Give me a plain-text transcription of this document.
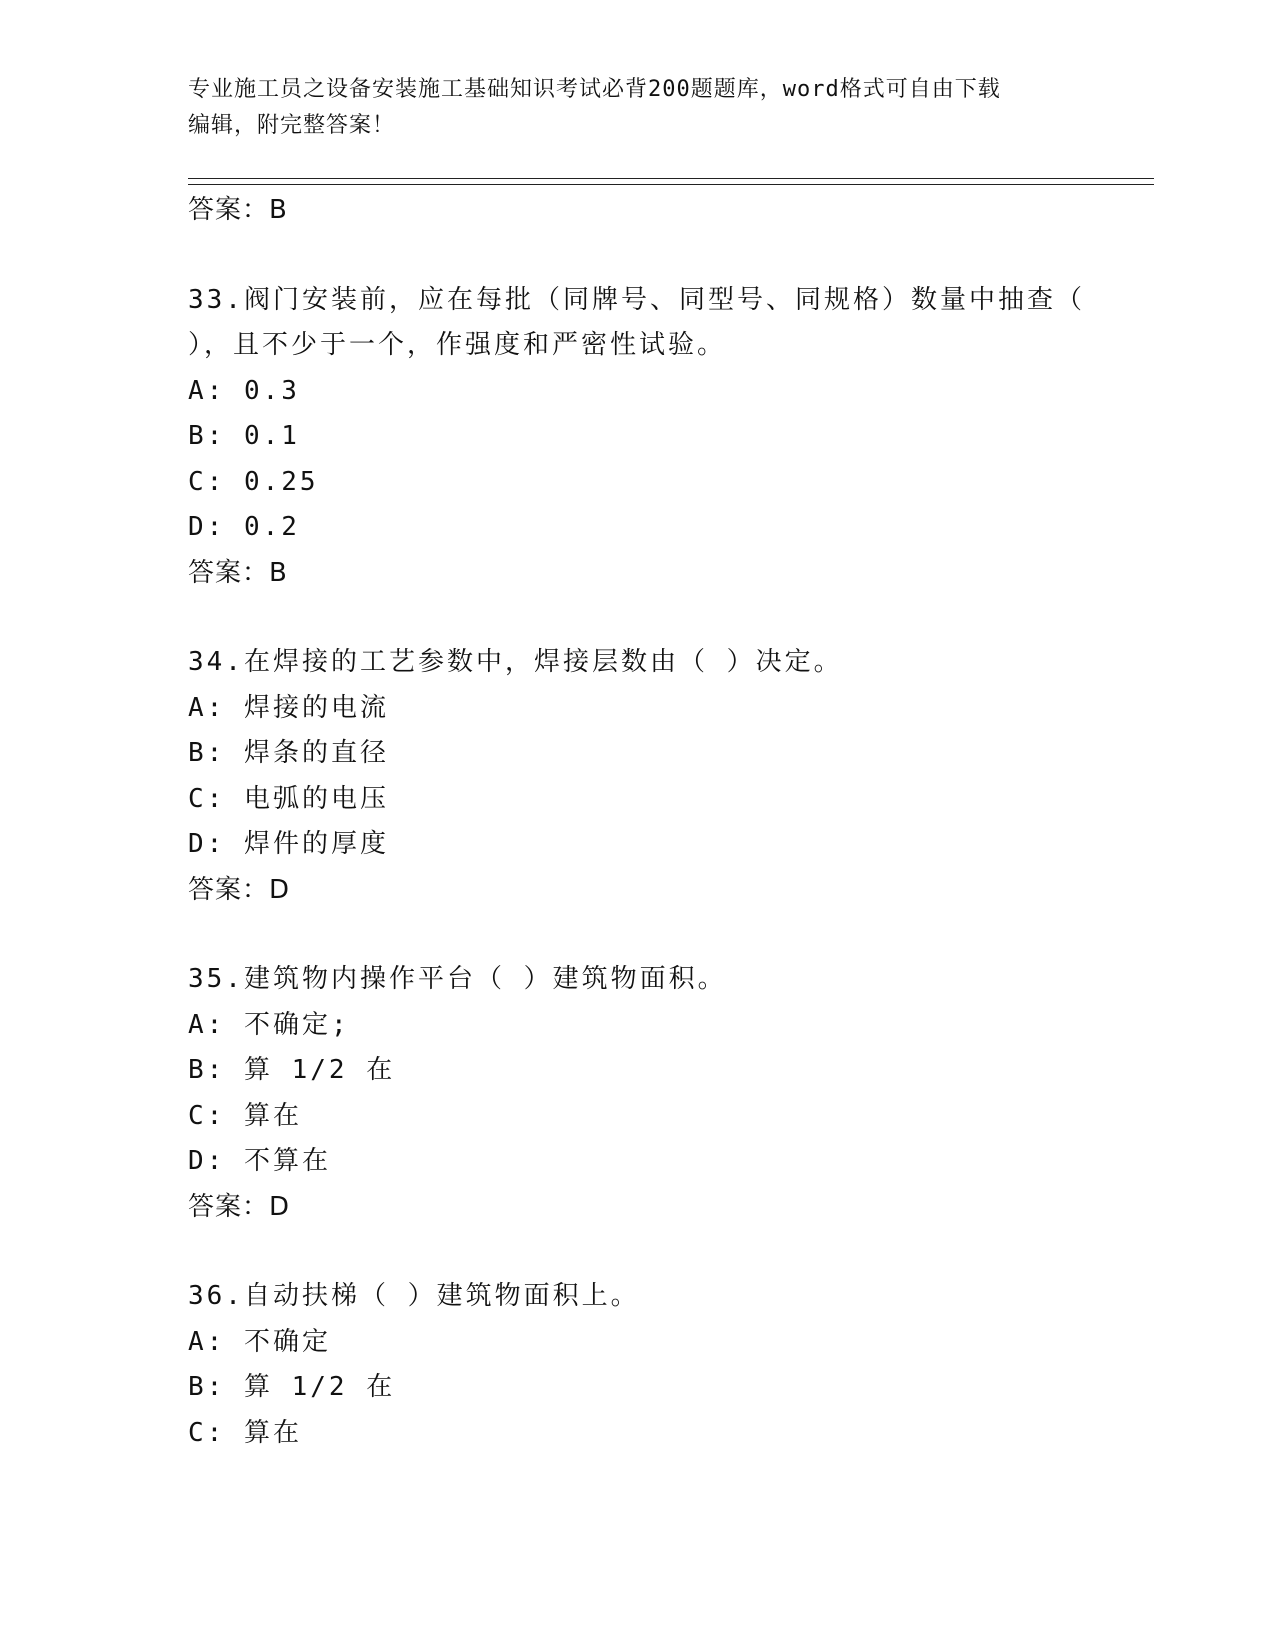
专业施工员之设备安装施工基础知识考试必背200题题库，word格式可自由下载
编辑，附完整答案！
答案：B
33.阀门安装前，应在每批（同牌号、同型号、同规格）数量中抽查（
），且不少于一个，作强度和严密性试验。
A: 0.3
B: 0.1
C: 0.25
D: 0.2
答案：B
34.在焊接的工艺参数中，焊接层数由（ ）决定。
A: 焊接的电流
B: 焊条的直径
C: 电弧的电压
D: 焊件的厚度
答案：D
35.建筑物内操作平台（ ）建筑物面积。
A: 不确定;
B: 算 1/2 在
C: 算在
D: 不算在
答案：D
36.自动扶梯（ ）建筑物面积上。
A: 不确定
B: 算 1/2 在
C: 算在
